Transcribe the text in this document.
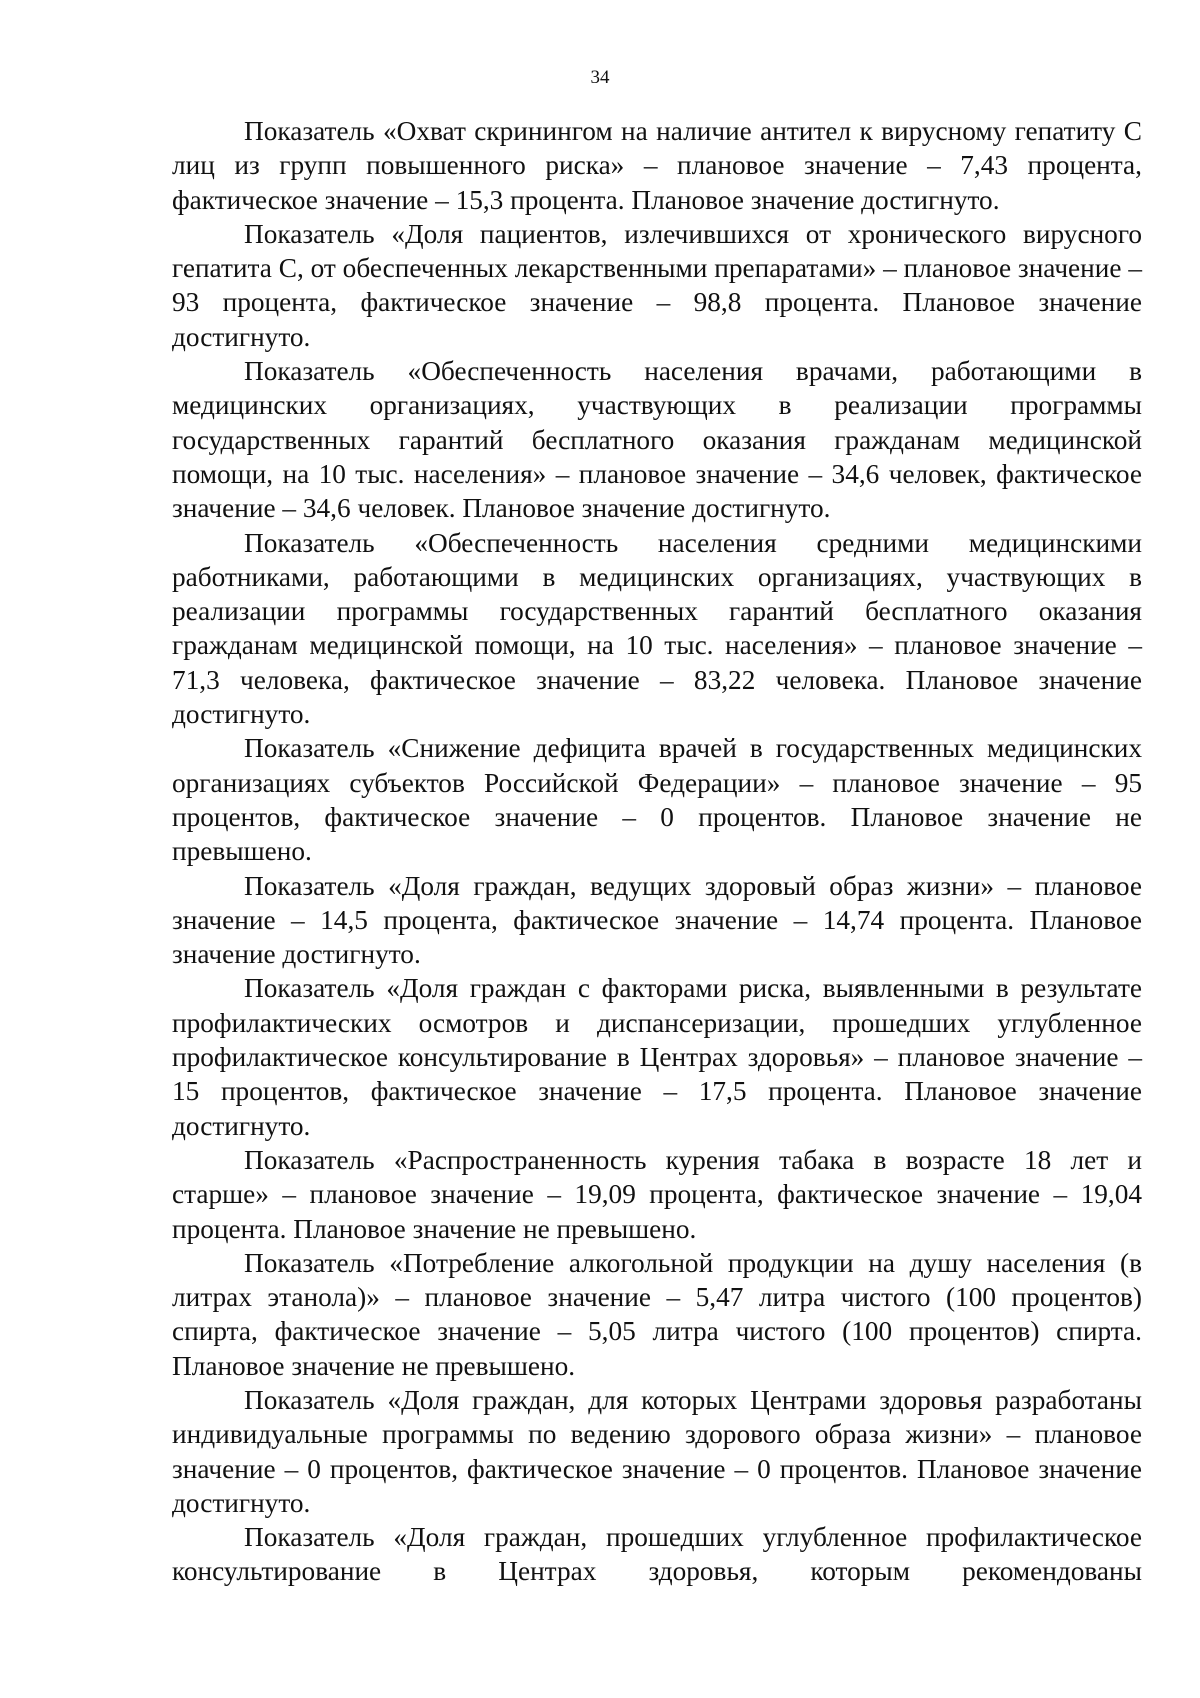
34

Показатель «Охват скринингом на наличие антител к вирусному гепатиту С лиц из групп повышенного риска» – плановое значение – 7,43 процента, фактическое значение – 15,3 процента. Плановое значение достигнуто.

Показатель «Доля пациентов, излечившихся от хронического вирусного гепатита С, от обеспеченных лекарственными препаратами» – плановое значение – 93 процента, фактическое значение – 98,8 процента. Плановое значение достигнуто.

Показатель «Обеспеченность населения врачами, работающими в медицинских организациях, участвующих в реализации программы государственных гарантий бесплатного оказания гражданам медицинской помощи, на 10 тыс. населения» – плановое значение – 34,6 человек, фактическое значение – 34,6 человек. Плановое значение достигнуто.

Показатель «Обеспеченность населения средними медицинскими работниками, работающими в медицинских организациях, участвующих в реализации программы государственных гарантий бесплатного оказания гражданам медицинской помощи, на 10 тыс. населения» – плановое значение – 71,3 человека, фактическое значение – 83,22 человека. Плановое значение достигнуто.

Показатель «Снижение дефицита врачей в государственных медицинских организациях субъектов Российской Федерации» – плановое значение – 95 процентов, фактическое значение – 0 процентов. Плановое значение не превышено.

Показатель «Доля граждан, ведущих здоровый образ жизни» – плановое значение – 14,5 процента, фактическое значение – 14,74 процента. Плановое значение достигнуто.

Показатель «Доля граждан с факторами риска, выявленными в результате профилактических осмотров и диспансеризации, прошедших углубленное профилактическое консультирование в Центрах здоровья» – плановое значение – 15 процентов, фактическое значение – 17,5 процента. Плановое значение достигнуто.

Показатель «Распространенность курения табака в возрасте 18 лет и старше» – плановое значение – 19,09 процента, фактическое значение – 19,04 процента. Плановое значение не превышено.

Показатель «Потребление алкогольной продукции на душу населения (в литрах этанола)» – плановое значение – 5,47 литра чистого (100 процентов) спирта, фактическое значение – 5,05 литра чистого (100 процентов) спирта. Плановое значение не превышено.

Показатель «Доля граждан, для которых Центрами здоровья разработаны индивидуальные программы по ведению здорового образа жизни» – плановое значение – 0 процентов, фактическое значение – 0 процентов. Плановое значение достигнуто.

Показатель «Доля граждан, прошедших углубленное профилактическое консультирование в Центрах здоровья, которым рекомендованы
